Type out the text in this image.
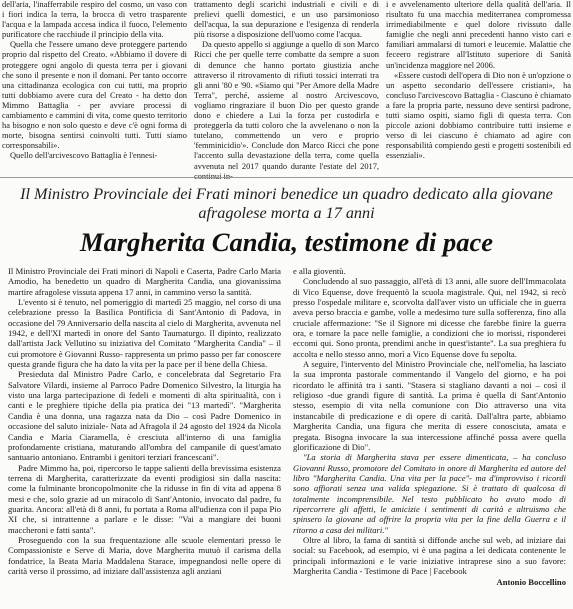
dell'aria, l'inafferrabile respiro del cosmo, un vaso con i fiori indica la terra, la brocca di vetro trasparente l'acqua e la lampada accesa indica il fuoco, l'elemento purificatore che racchiude il principio della vita.

Quella che l'essere umano deve proteggere partendo proprio dal rispetto del Creato. «Abbiamo il dovere di proteggere ogni angolo di questa terra per i giovani che sono il presente e non il domani. Per tanto occorre una cittadinanza ecologica con cui tutti, ma proprio tutti dobbiamo avere cura del Creato - ha detto don Mimmo Battaglia - per avviare processi di cambiamento e cammini di vita, come questo territorio ha bisogno e non solo questo e deve c'è ogni forma di morte, bisogna sentirsi coinvolti tutti. Tutti siamo corresponsabili».

Quello dell'arcivescovo Battaglia è l'ennesi-

trattamento degli scarichi industriali e civili e di prelievi quelli domestici, e un uso parsimonioso dell'acqua, la sua depurazione e l'esigenza di renderla più risorse a disposizione dell'uomo come l'acqua.

Da questo appello si aggiunge a quello di son Marco Ricci che per quelle terre combatte da sempre a suon di denunce che hanno portato giustizia anche attraverso il ritrovamento di rifiuti tossici interrati tra gli anni '80 e '90. «Siamo qui "Per Amore della Madre Terra", perché, assieme al nostro Arcivescovo, vogliamo ringraziare il buon Dio per questo grande dono e chiedere a Lui la forza per custodirla e proteggerla da tutti coloro che la avvelenano o non la tutelano, commettendo un vero e proprio 'femminicidio'». Conclude don Marco Ricci che pone l'accento sulla devastazione della terra, come quella avvenuta nel 2017 quando durante l'estate del 2017, continui in-

i e avvelenamento ulteriore della qualità dell'aria. Il risultato fu una macchia mediterranea compromessa irrimediabilmente e quel dolore rivissuto dalle famiglie che negli anni precedenti hanno visto cari e familiari ammalarsi di tumori e leucemie. Malattie che feceero registrare all'Istituto superiore di Sanità un'incidenza maggiore nel 2006.

«Essere custodi dell'opera di Dio non è un'opzione o un aspetto secondario dell'essere cristiani», ha concluso l'arcivescovo Battaglia - Ciascuno è chiamato a fare la propria parte, nessuno deve sentirsi padrone, tutti siamo ospiti, siamo figli di questa terra. Con piccole azioni dobbiamo contribuire tutti insieme e verso di lei ciascuno è chiamato ad agire con responsabilità compiendo gesti e progetti sostenibili ed essenziali».

Il Ministro Provinciale dei Frati minori benedice un quadro dedicato alla giovane afragolese morta a 17 anni

Margherita Candia, testimone di pace

Il Ministro Provinciale dei Frati minori di Napoli e Caserta, Padre Carlo Maria Amodio, ha benedetto un quadro di Margherita Candia, una giovanissima martire afragolese vissuta appena 17 anni, in cammino verso la santità.

L'evento si è tenuto, nel pomeriggio di martedì 25 maggio, nel corso di una celebrazione presso la Basilica Pontificia di Sant'Antonio di Padova, in occasione del 79 Anniversario della nascita al cielo di Margherita, avvenuta nel 1942, e dell'XI martedì in onore del Santo Taumaturgo. Il dipinto, realizzato dall'artista Jack Vellutino su iniziativa del Comitato "Margherita Candia" – il cui promotore è Giovanni Russo- rappresenta un primo passo per far conoscere questa grande figura che ha dato la vita per la pace per il bene della Chiesa.

Presieduta dal Ministro Padre Carlo, e concelebrata dal Segretario Fra Salvatore Vilardi, insieme al Parroco Padre Domenico Silvestro, la liturgia ha visto una larga partecipazione di fedeli e momenti di alta spiritualità, con i canti e le preghiere tipiche della pia pratica dei "13 martedì". "Margherita Candia è una donna, una ragazza nata da Dio – così Padre Domenico in occasione del saluto iniziale- Nata ad Afragola il 24 agosto del 1924 da Nicola Candia e Maria Ciaramella, è cresciuta all'interno di una famiglia profondamente cristiana, maturando all'ombra del campanile di quest'amato santuario antoniano. Entrambi i genitori terziari francescani".

Padre Mimmo ha, poi, ripercorso le tappe salienti della brevissima esistenza terrena di Margherita, caratterizzate da eventi prodigiosi sin dalla nascita: come la fulminante broncopolmonite che la ridusse in fin di vita ad appena 8 mesi e che, solo grazie ad un miracolo di Sant'Antonio, invocato dal padre, fu guarita. Ancora: all'età di 8 anni, fu portata a Roma all'udienza con il papa Pio XI che, si intrattenne a parlare e le disse: "Vai a mangiare dei buoni maccheroni e fatti santa".

Proseguendo con la sua frequentazione alle scuole elementari presso le Compassioniste e Serve di Maria, dove Margherita mutuò il carisma della fondatrice, la Beata Maria Maddalena Starace, impegnandosi nelle opere di carità verso il prossimo, ad iniziare dall'assistenza agli anziani

e alla gioventù.

Concludendo al suo passaggio, all'età di 13 anni, alle suore dell'Immacolata di Vico Equense, dove frequentò la scuola magistrale. Qui, nel 1942, si recò presso l'ospedale militare e, scorvolta dall'aver visto un ufficiale che in guerra aveva perso braccia e gambe, volle a medesimo ture sulla sofferenza, fino alla cruciale affermazione: "Se il Signore mi dicesse che farebbe finire la guerra ora, e tornare la pace nelle famiglie, a condizioni che io morissi, risponderei eccomi qui. Sono pronta, prendimi anche in quest'istante". La sua preghiera fu accolta e nello stesso anno, morì a Vico Equense dove fu sepolta.

A seguire, l'intervento del Ministro Provinciale che, nell'omelia, ha lasciato la sua impronta pastorale commentando il Vangelo del giorno, e ha poi ricordato le affinità tra i santi. "Stasera si stagliano davanti a noi – così il religioso -due grandi figure di santità. La prima è quella di Sant'Antonio stesso, esempio di vita nella comunione con Dio attraverso una vita instancabile di predicazione e di opere di carità. Dall'altra parte, abbiamo Margherita Candia, una figura che merita di essere conosciuta, amata e pregata. Bisogna invocare la sua intercessione affinché possa avere quella glorificazione di Dio".

"La storia di Margherita stava per essere dimenticata, – ha concluso Giovanni Russo, promotore del Comitato in onore di Margherita ed autore del libro "Margherita Candia. Una vita per la pace"- ma d'improvviso i ricordi sono affiorati senza una valida spiegazione. Si è trattato di qualcosa di totalmente incomprensibile. Nel testo pubblicato ho avuto modo di ripercorrere gli affetti, le amicizie i sentimenti di carità e altruismo che spinsero la giovane ad offrire la propria vita per la fine della Guerra e il ritorno a casa dei militari."

Oltre al libro, la fama di santità si diffonde anche sul web, ad iniziare dai social: su Facebook, ad esempio, vi è una pagina a lei dedicata contenente le principali informazioni e le varie iniziative intraprese sino a suo favore: Margherita Candia - Testimone di Pace | Facebook

Antonio Boccellino
